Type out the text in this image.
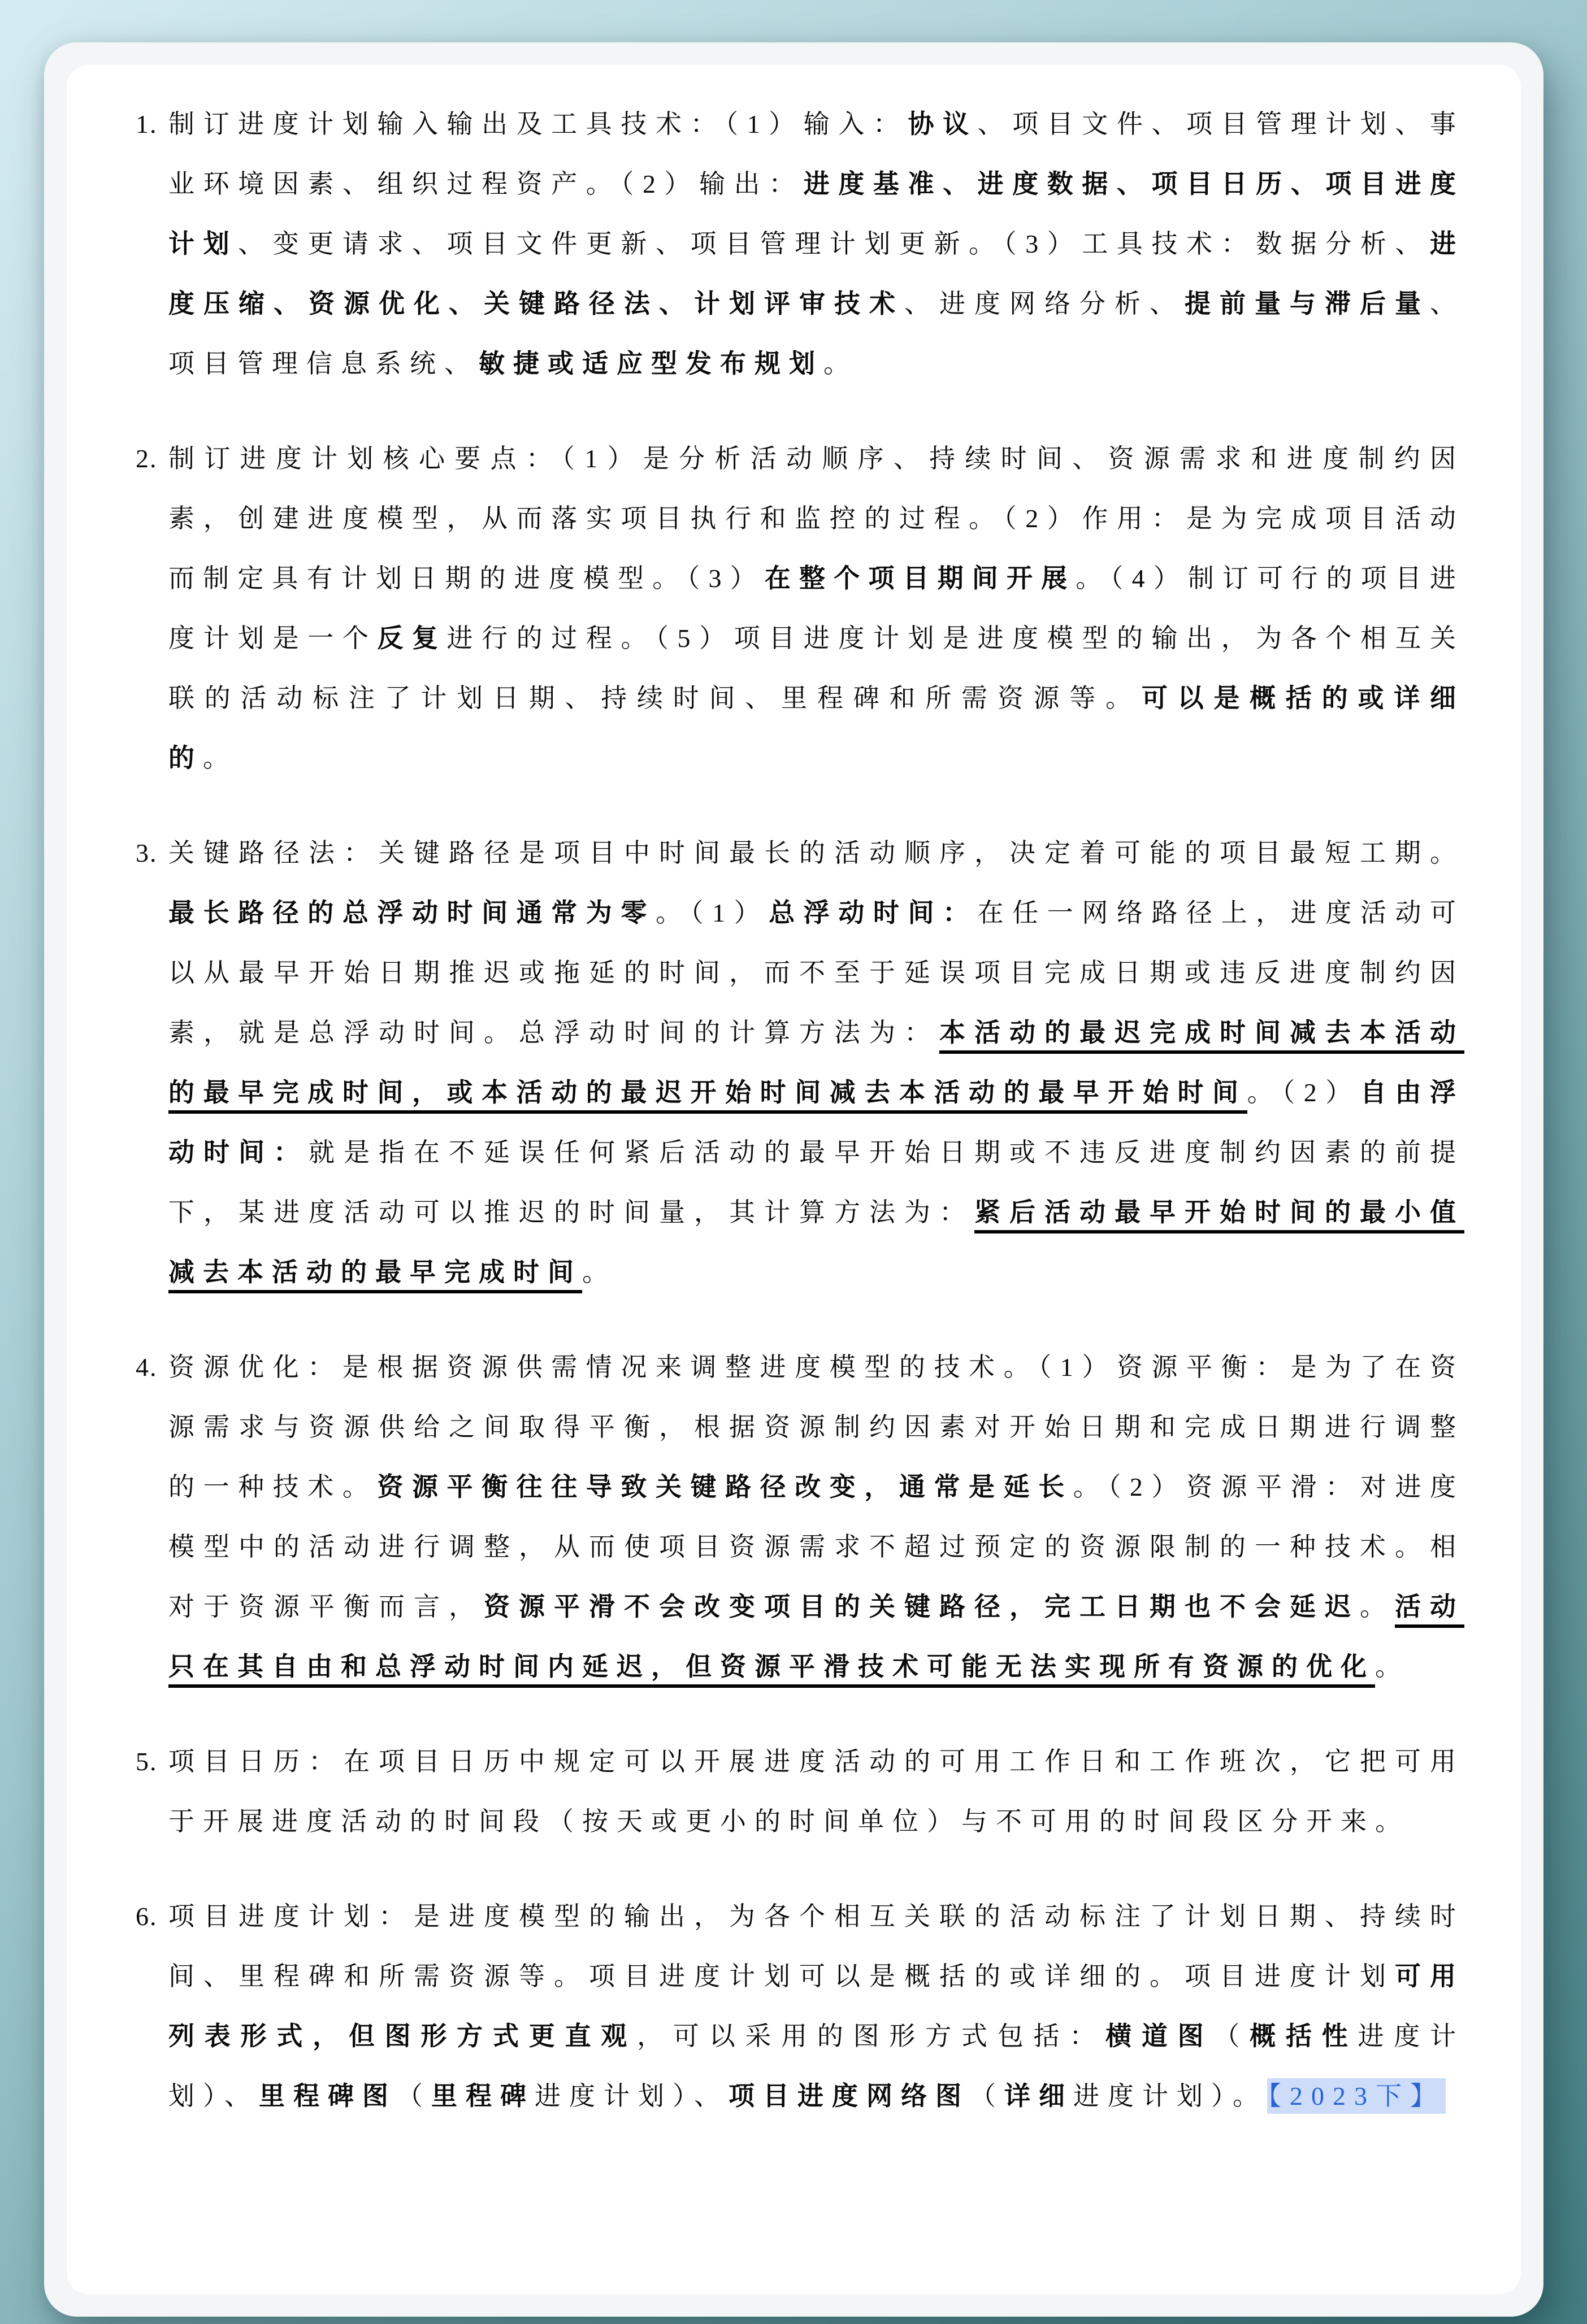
1. 制订进度计划输入输出及工具技术：（1）输入：协议、项目文件、项目管理计划、事业环境因素、组织过程资产。（2）输出：进度基准、进度数据、项目日历、项目进度计划、变更请求、项目文件更新、项目管理计划更新。（3）工具技术：数据分析、进度压缩、资源优化、关键路径法、计划评审技术、进度网络分析、提前量与滞后量、项目管理信息系统、敏捷或适应型发布规划。
2. 制订进度计划核心要点：（1）是分析活动顺序、持续时间、资源需求和进度制约因素，创建进度模型，从而落实项目执行和监控的过程。（2）作用：是为完成项目活动而制定具有计划日期的进度模型。（3）在整个项目期间开展。（4）制订可行的项目进度计划是一个反复进行的过程。（5）项目进度计划是进度模型的输出，为各个相互关联的活动标注了计划日期、持续时间、里程碑和所需资源等。可以是概括的或详细的。
3. 关键路径法：关键路径是项目中时间最长的活动顺序，决定着可能的项目最短工期。最长路径的总浮动时间通常为零。（1）总浮动时间：在任一网络路径上，进度活动可以从最早开始日期推迟或拖延的时间，而不至于延误项目完成日期或违反进度制约因素，就是总浮动时间。总浮动时间的计算方法为：本活动的最迟完成时间减去本活动的最早完成时间，或本活动的最迟开始时间减去本活动的最早开始时间。（2）自由浮动时间：就是指在不延误任何紧后活动的最早开始日期或不违反进度制约因素的前提下，某进度活动可以推迟的时间量，其计算方法为：紧后活动最早开始时间的最小值减去本活动的最早完成时间。
4. 资源优化：是根据资源供需情况来调整进度模型的技术。（1）资源平衡：是为了在资源需求与资源供给之间取得平衡，根据资源制约因素对开始日期和完成日期进行调整的一种技术。资源平衡往往导致关键路径改变，通常是延长。（2）资源平滑：对进度模型中的活动进行调整，从而使项目资源需求不超过预定的资源限制的一种技术。相对于资源平衡而言，资源平滑不会改变项目的关键路径，完工日期也不会延迟。活动只在其自由和总浮动时间内延迟，但资源平滑技术可能无法实现所有资源的优化。
5. 项目日历：在项目日历中规定可以开展进度活动的可用工作日和工作班次，它把可用于开展进度活动的时间段（按天或更小的时间单位）与不可用的时间段区分开来。
6. 项目进度计划：是进度模型的输出，为各个相互关联的活动标注了计划日期、持续时间、里程碑和所需资源等。项目进度计划可以是概括的或详细的。项目进度计划可用列表形式，但图形方式更直观，可以采用的图形方式包括：横道图（概括性进度计划）、里程碑图（里程碑进度计划）、项目进度网络图（详细进度计划）。【2023下】
